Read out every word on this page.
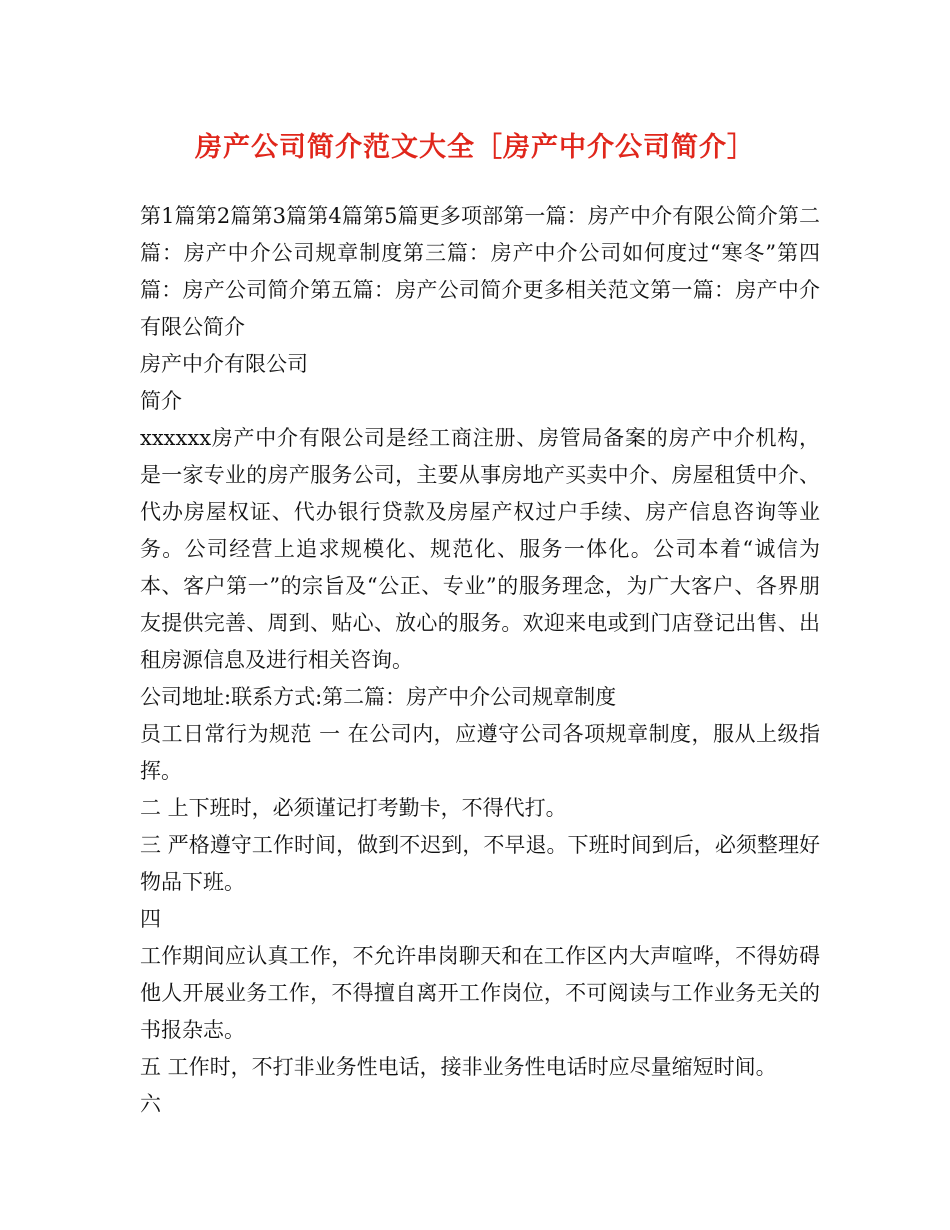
房产公司简介范文大全［房产中介公司简介］

第1篇第2篇第3篇第4篇第5篇更多项部第一篇：房产中介有限公简介第二篇：房产中介公司规章制度第三篇：房产中介公司如何度过“寒冬”第四篇：房产公司简介第五篇：房产公司简介更多相关范文第一篇：房产中介有限公简介

房产中介有限公司

简介

xxxxxx房产中介有限公司是经工商注册、房管局备案的房产中介机构，是一家专业的房产服务公司，主要从事房地产买卖中介、房屋租赁中介、代办房屋权证、代办银行贷款及房屋产权过户手续、房产信息咨询等业务。公司经营上追求规模化、规范化、服务一体化。公司本着“诚信为本、客户第一”的宗旨及“公正、专业”的服务理念，为广大客户、各界朋友提供完善、周到、贴心、放心的服务。欢迎来电或到门店登记出售、出租房源信息及进行相关咨询。

公司地址:联系方式:第二篇：房产中介公司规章制度

员工日常行为规范 一 在公司内，应遵守公司各项规章制度，服从上级指挥。

二 上下班时，必须谨记打考勤卡，不得代打。

三 严格遵守工作时间，做到不迟到，不早退。下班时间到后，必须整理好物品下班。

四

工作期间应认真工作，不允许串岗聊天和在工作区内大声喧哗，不得妨碍他人开展业务工作，不得擅自离开工作岗位，不可阅读与工作业务无关的书报杂志。

五 工作时，不打非业务性电话，接非业务性电话时应尽量缩短时间。

六
